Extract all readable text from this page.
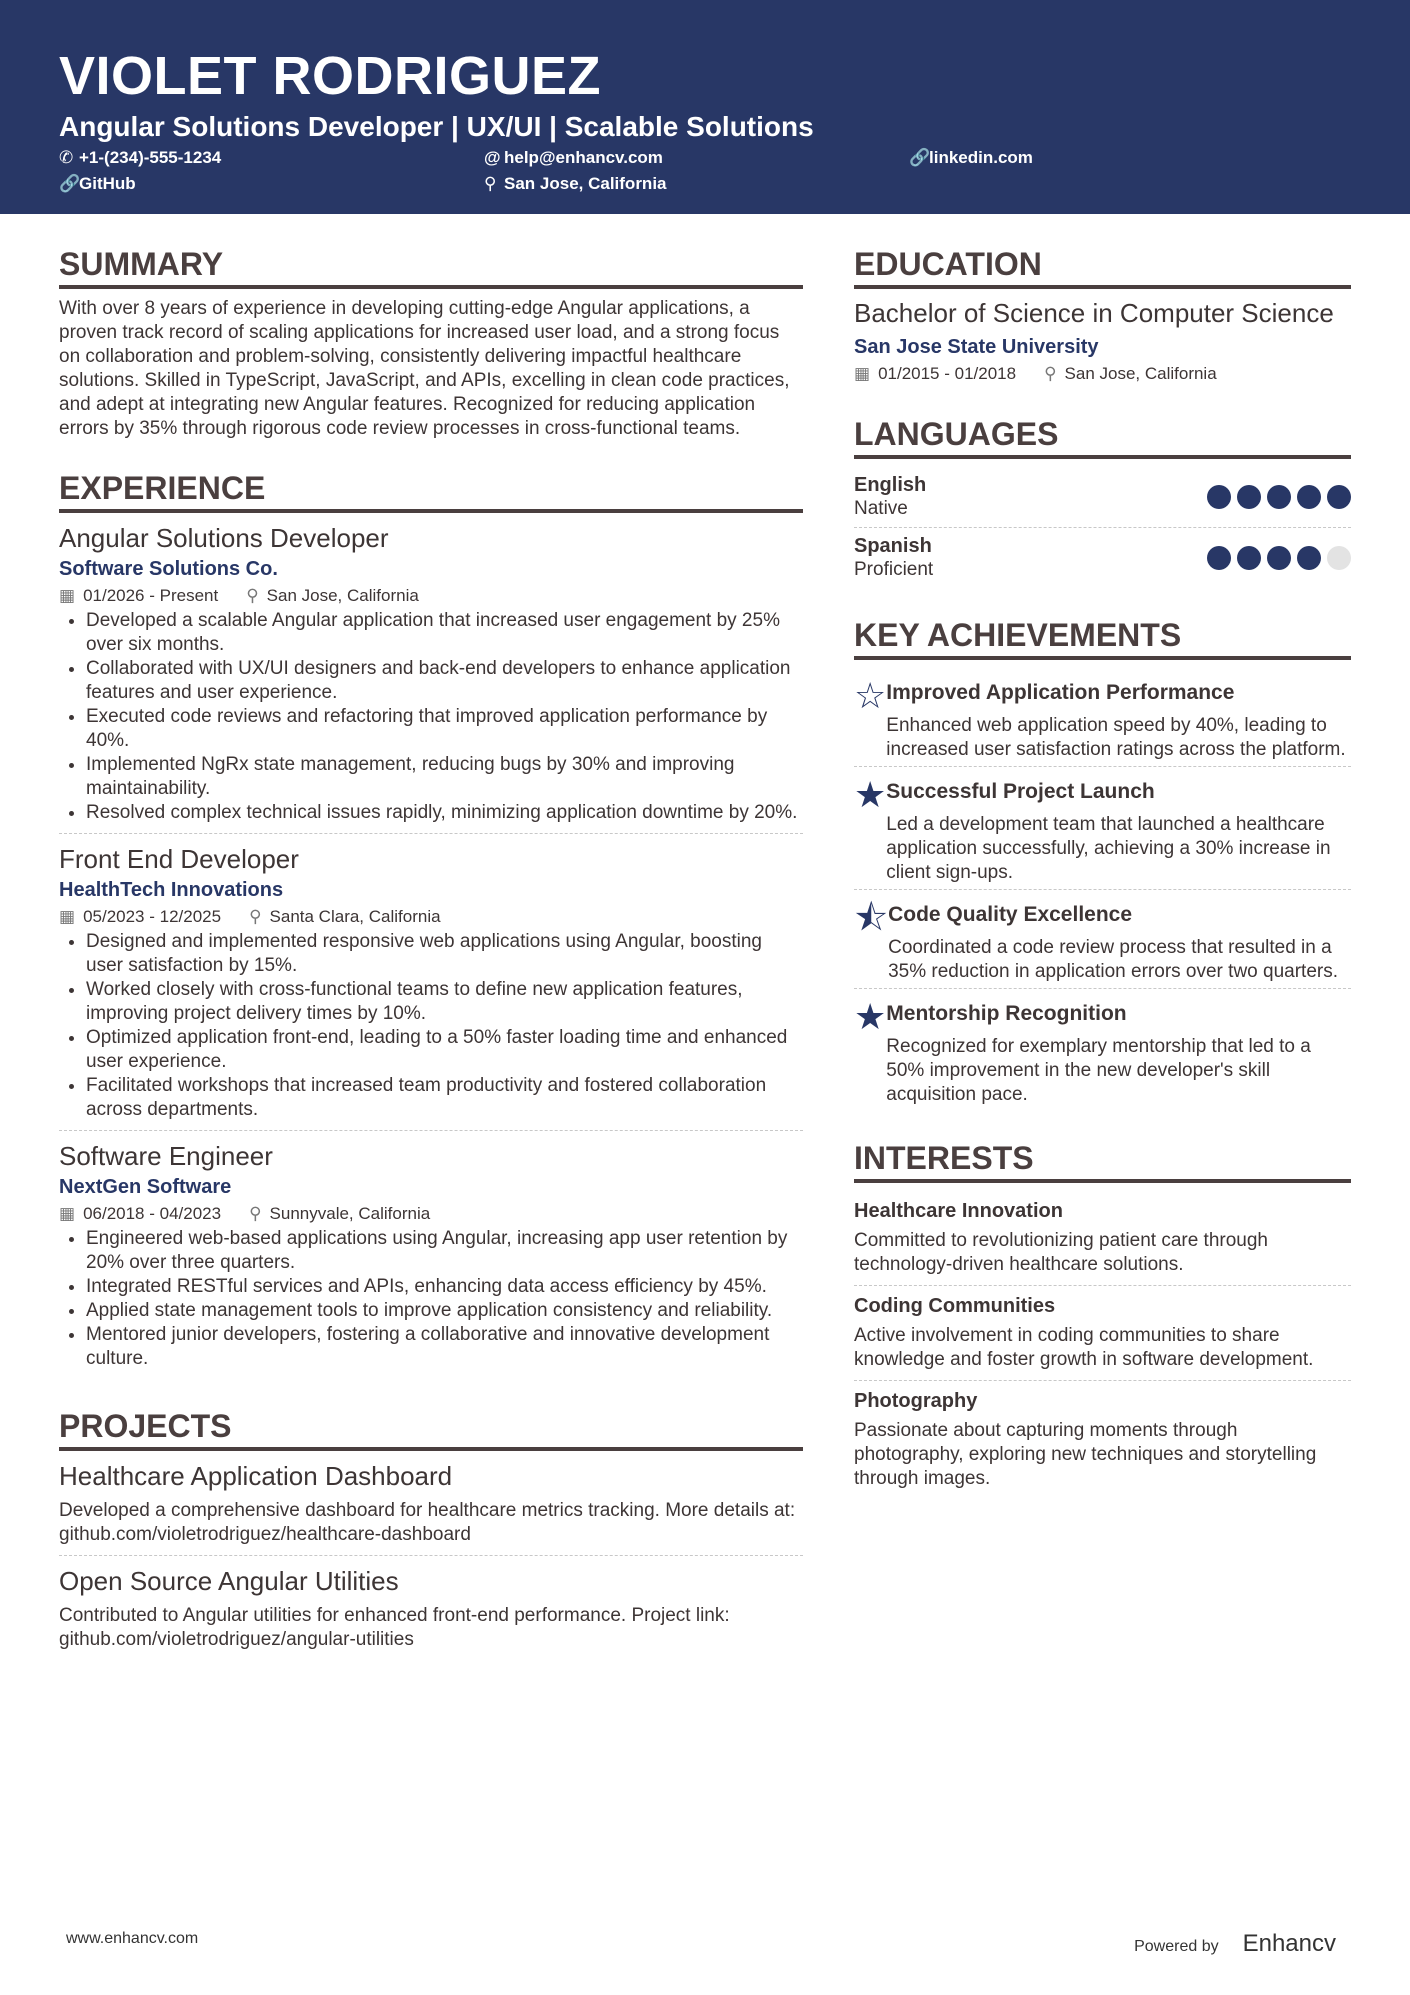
VIOLET RODRIGUEZ
Angular Solutions Developer | UX/UI | Scalable Solutions
✆ +1-(234)-555-1234	@ help@enhancv.com	🔗linkedin.com
🔗GitHub	⚲ San Jose, California
SUMMARY

With over 8 years of experience in developing cutting-edge Angular applications, a proven track record of scaling applications for increased user load, and a strong focus on collaboration and problem-solving, consistently delivering impactful healthcare solutions. Skilled in TypeScript, JavaScript, and APIs, excelling in clean code practices, and adept at integrating new Angular features. Recognized for reducing application errors by 35% through rigorous code review processes in cross-functional teams.

EXPERIENCE
Angular Solutions Developer
Software Solutions Co.
▦ 01/2026 - Present ⚲ San Jose, California
• Developed a scalable Angular application that increased user engagement by 25% over six months.
• Collaborated with UX/UI designers and back-end developers to enhance application features and user experience.
• Executed code reviews and refactoring that improved application performance by 40%.
• Implemented NgRx state management, reducing bugs by 30% and improving maintainability.
• Resolved complex technical issues rapidly, minimizing application downtime by 20%.
Front End Developer
HealthTech Innovations
▦ 05/2023 - 12/2025 ⚲ Santa Clara, California
• Designed and implemented responsive web applications using Angular, boosting user satisfaction by 15%.
• Worked closely with cross-functional teams to define new application features, improving project delivery times by 10%.
• Optimized application front-end, leading to a 50% faster loading time and enhanced user experience.
• Facilitated workshops that increased team productivity and fostered collaboration across departments.
Software Engineer
NextGen Software
▦ 06/2018 - 04/2023 ⚲ Sunnyvale, California
• Engineered web-based applications using Angular, increasing app user retention by 20% over three quarters.
• Integrated RESTful services and APIs, enhancing data access efficiency by 45%.
• Applied state management tools to improve application consistency and reliability.
• Mentored junior developers, fostering a collaborative and innovative development culture.
PROJECTS
Healthcare Application Dashboard

Developed a comprehensive dashboard for healthcare metrics tracking. More details at: github.com/violetrodriguez/healthcare-dashboard

Open Source Angular Utilities

Contributed to Angular utilities for enhanced front-end performance. Project link: github.com/violetrodriguez/angular-utilities

EDUCATION
Bachelor of Science in Computer Science
San Jose State University
▦ 01/2015 - 01/2018 ⚲ San Jose, California
LANGUAGES
English
Native
Spanish
Proficient
KEY ACHIEVEMENTS
☆ Improved Application Performance

Enhanced web application speed by 40%, leading to increased user satisfaction ratings across the platform.

★ Successful Project Launch

Led a development team that launched a healthcare application successfully, achieving a 30% increase in client sign-ups.

⯪ Code Quality Excellence

Coordinated a code review process that resulted in a 35% reduction in application errors over two quarters.

★ Mentorship Recognition

Recognized for exemplary mentorship that led to a 50% improvement in the new developer's skill acquisition pace.

INTERESTS
Healthcare Innovation

Committed to revolutionizing patient care through technology-driven healthcare solutions.

Coding Communities

Active involvement in coding communities to share knowledge and foster growth in software development.

Photography

Passionate about capturing moments through photography, exploring new techniques and storytelling through images.

www.enhancv.com	Powered by Enhancv
